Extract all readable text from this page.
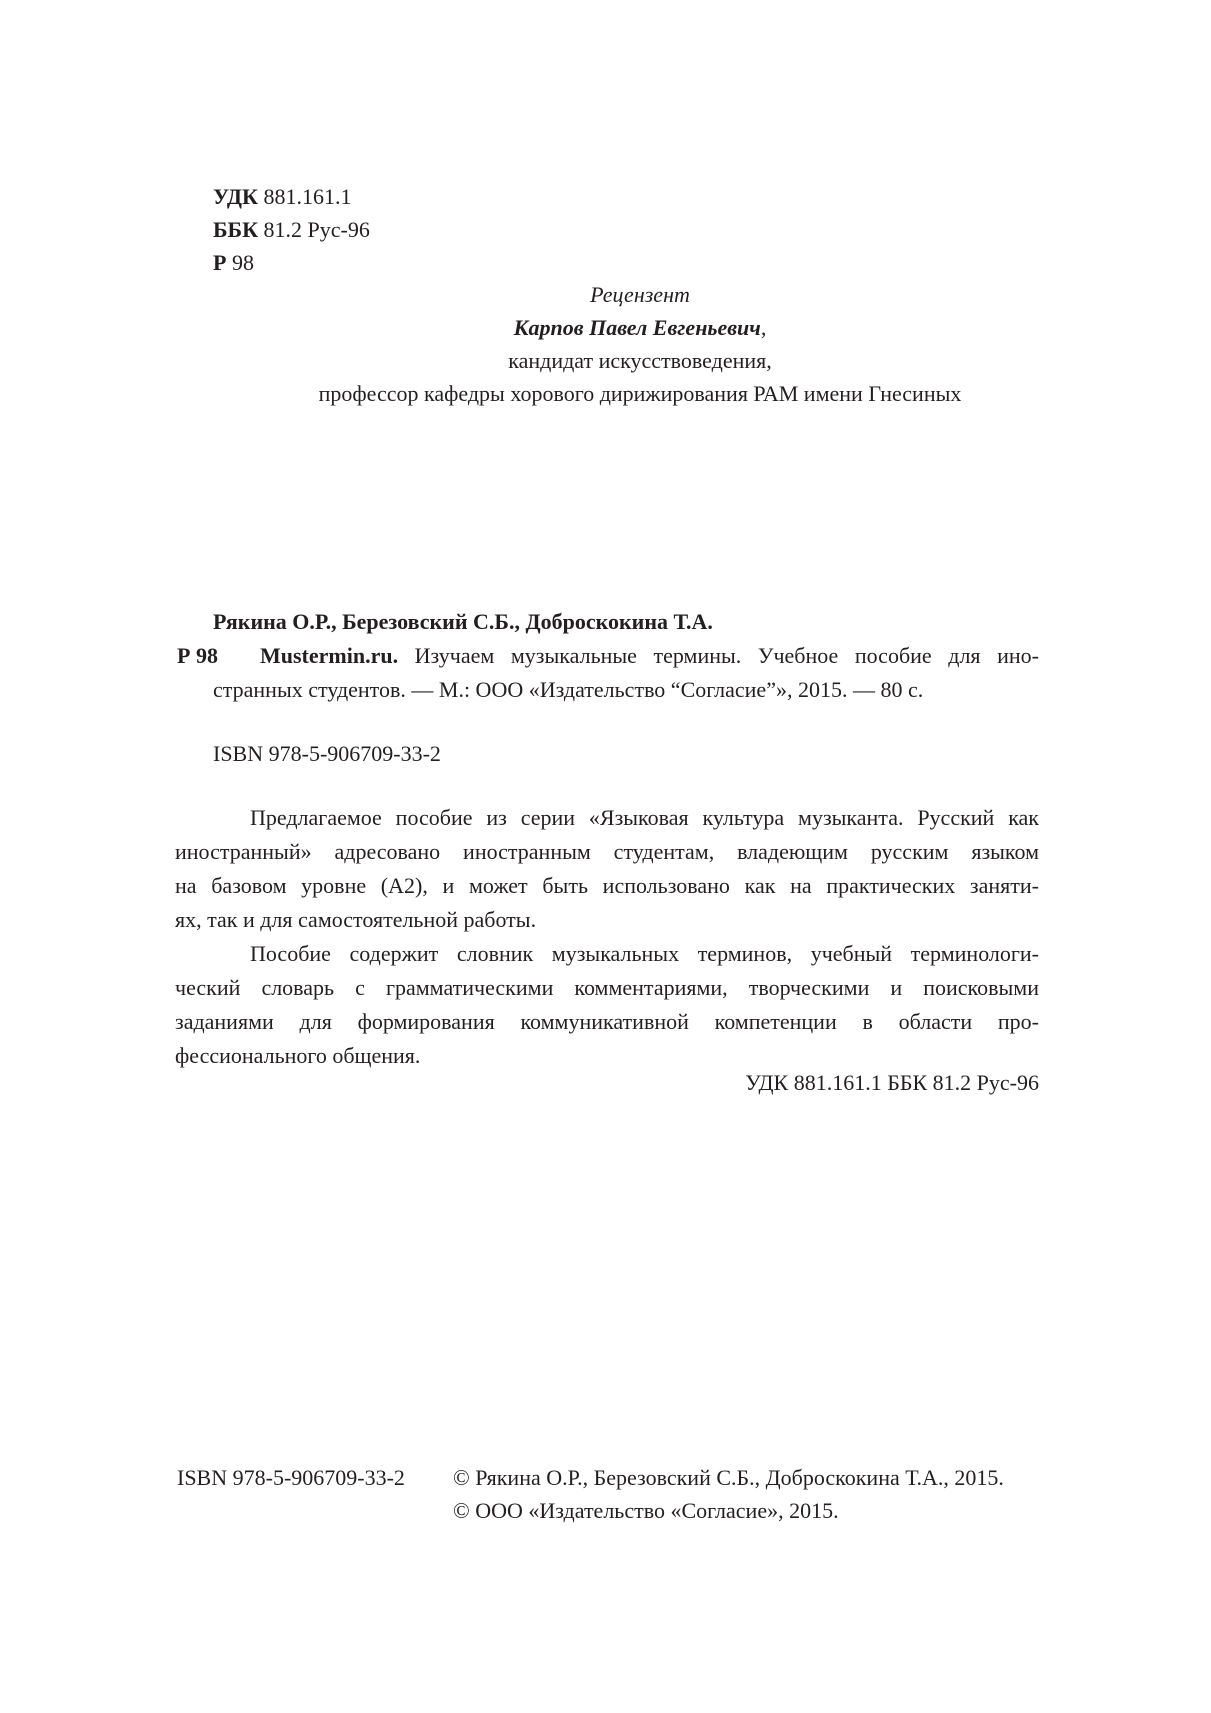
УДК 881.161.1
ББК 81.2 Рус-96
Р 98
Рецензент
Карпов Павел Евгеньевич,
кандидат искусствоведения,
профессор кафедры хорового дирижирования РАМ имени Гнесиных
Рякина О.Р., Березовский С.Б., Доброскокина Т.А.
Р 98 Mustermin.ru. Изучаем музыкальные термины. Учебное пособие для ино-
странных студентов. — М.: ООО «Издательство “Согласие”», 2015. — 80 с.
ISBN 978-5-906709-33-2
Предлагаемое пособие из серии «Языковая культура музыканта. Русский как
иностранный» адресовано иностранным студентам, владеющим русским языком
на базовом уровне (А2), и может быть использовано как на практических заняти-
ях, так и для самостоятельной работы.
Пособие содержит словник музыкальных терминов, учебный терминологи-
ческий словарь с грамматическими комментариями, творческими и поисковыми
заданиями для формирования коммуникативной компетенции в области про-
фессионального общения.
УДК 881.161.1 ББК 81.2 Рус-96
ISBN 978-5-906709-33-2 © Рякина О.Р., Березовский С.Б., Доброскокина Т.А., 2015.
© ООО «Издательство «Согласие», 2015.
